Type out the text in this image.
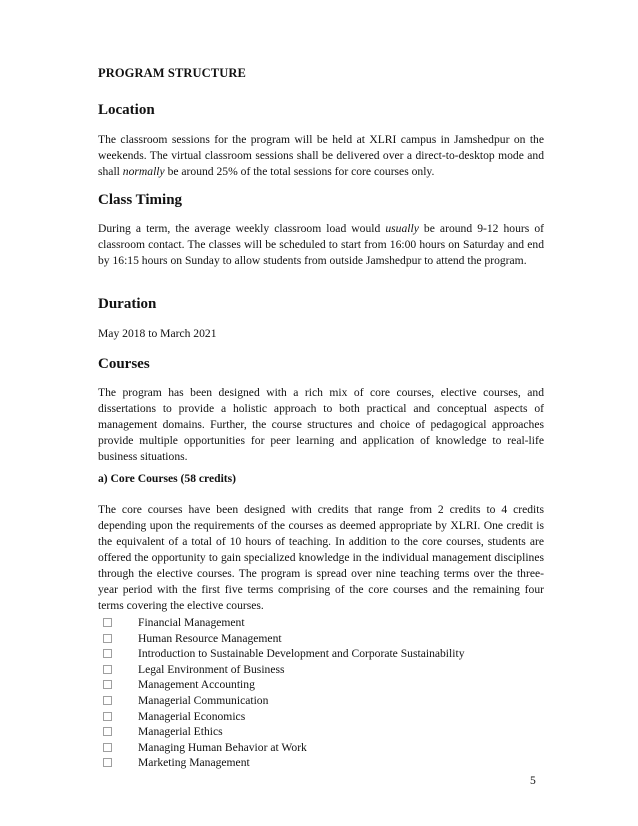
PROGRAM STRUCTURE
Location
The classroom sessions for the program will be held at XLRI campus in Jamshedpur on the weekends. The virtual classroom sessions shall be delivered over a direct-to-desktop mode and shall normally be around 25% of the total sessions for core courses only.
Class Timing
During a term, the average weekly classroom load would usually be around 9-12 hours of classroom contact. The classes will be scheduled to start from 16:00 hours on Saturday and end by 16:15 hours on Sunday to allow students from outside Jamshedpur to attend the program.
Duration
May 2018 to March 2021
Courses
The program has been designed with a rich mix of core courses, elective courses, and dissertations to provide a holistic approach to both practical and conceptual aspects of management domains. Further, the course structures and choice of pedagogical approaches provide multiple opportunities for peer learning and application of knowledge to real-life business situations.
a) Core Courses (58 credits)
The core courses have been designed with credits that range from 2 credits to 4 credits depending upon the requirements of the courses as deemed appropriate by XLRI. One credit is the equivalent of a total of 10 hours of teaching. In addition to the core courses, students are offered the opportunity to gain specialized knowledge in the individual management disciplines through the elective courses. The program is spread over nine teaching terms over the three-year period with the first five terms comprising of the core courses and the remaining four terms covering the elective courses.
Financial Management
Human Resource Management
Introduction to Sustainable Development and Corporate Sustainability
Legal Environment of Business
Management Accounting
Managerial Communication
Managerial Economics
Managerial Ethics
Managing Human Behavior at Work
Marketing Management
5
